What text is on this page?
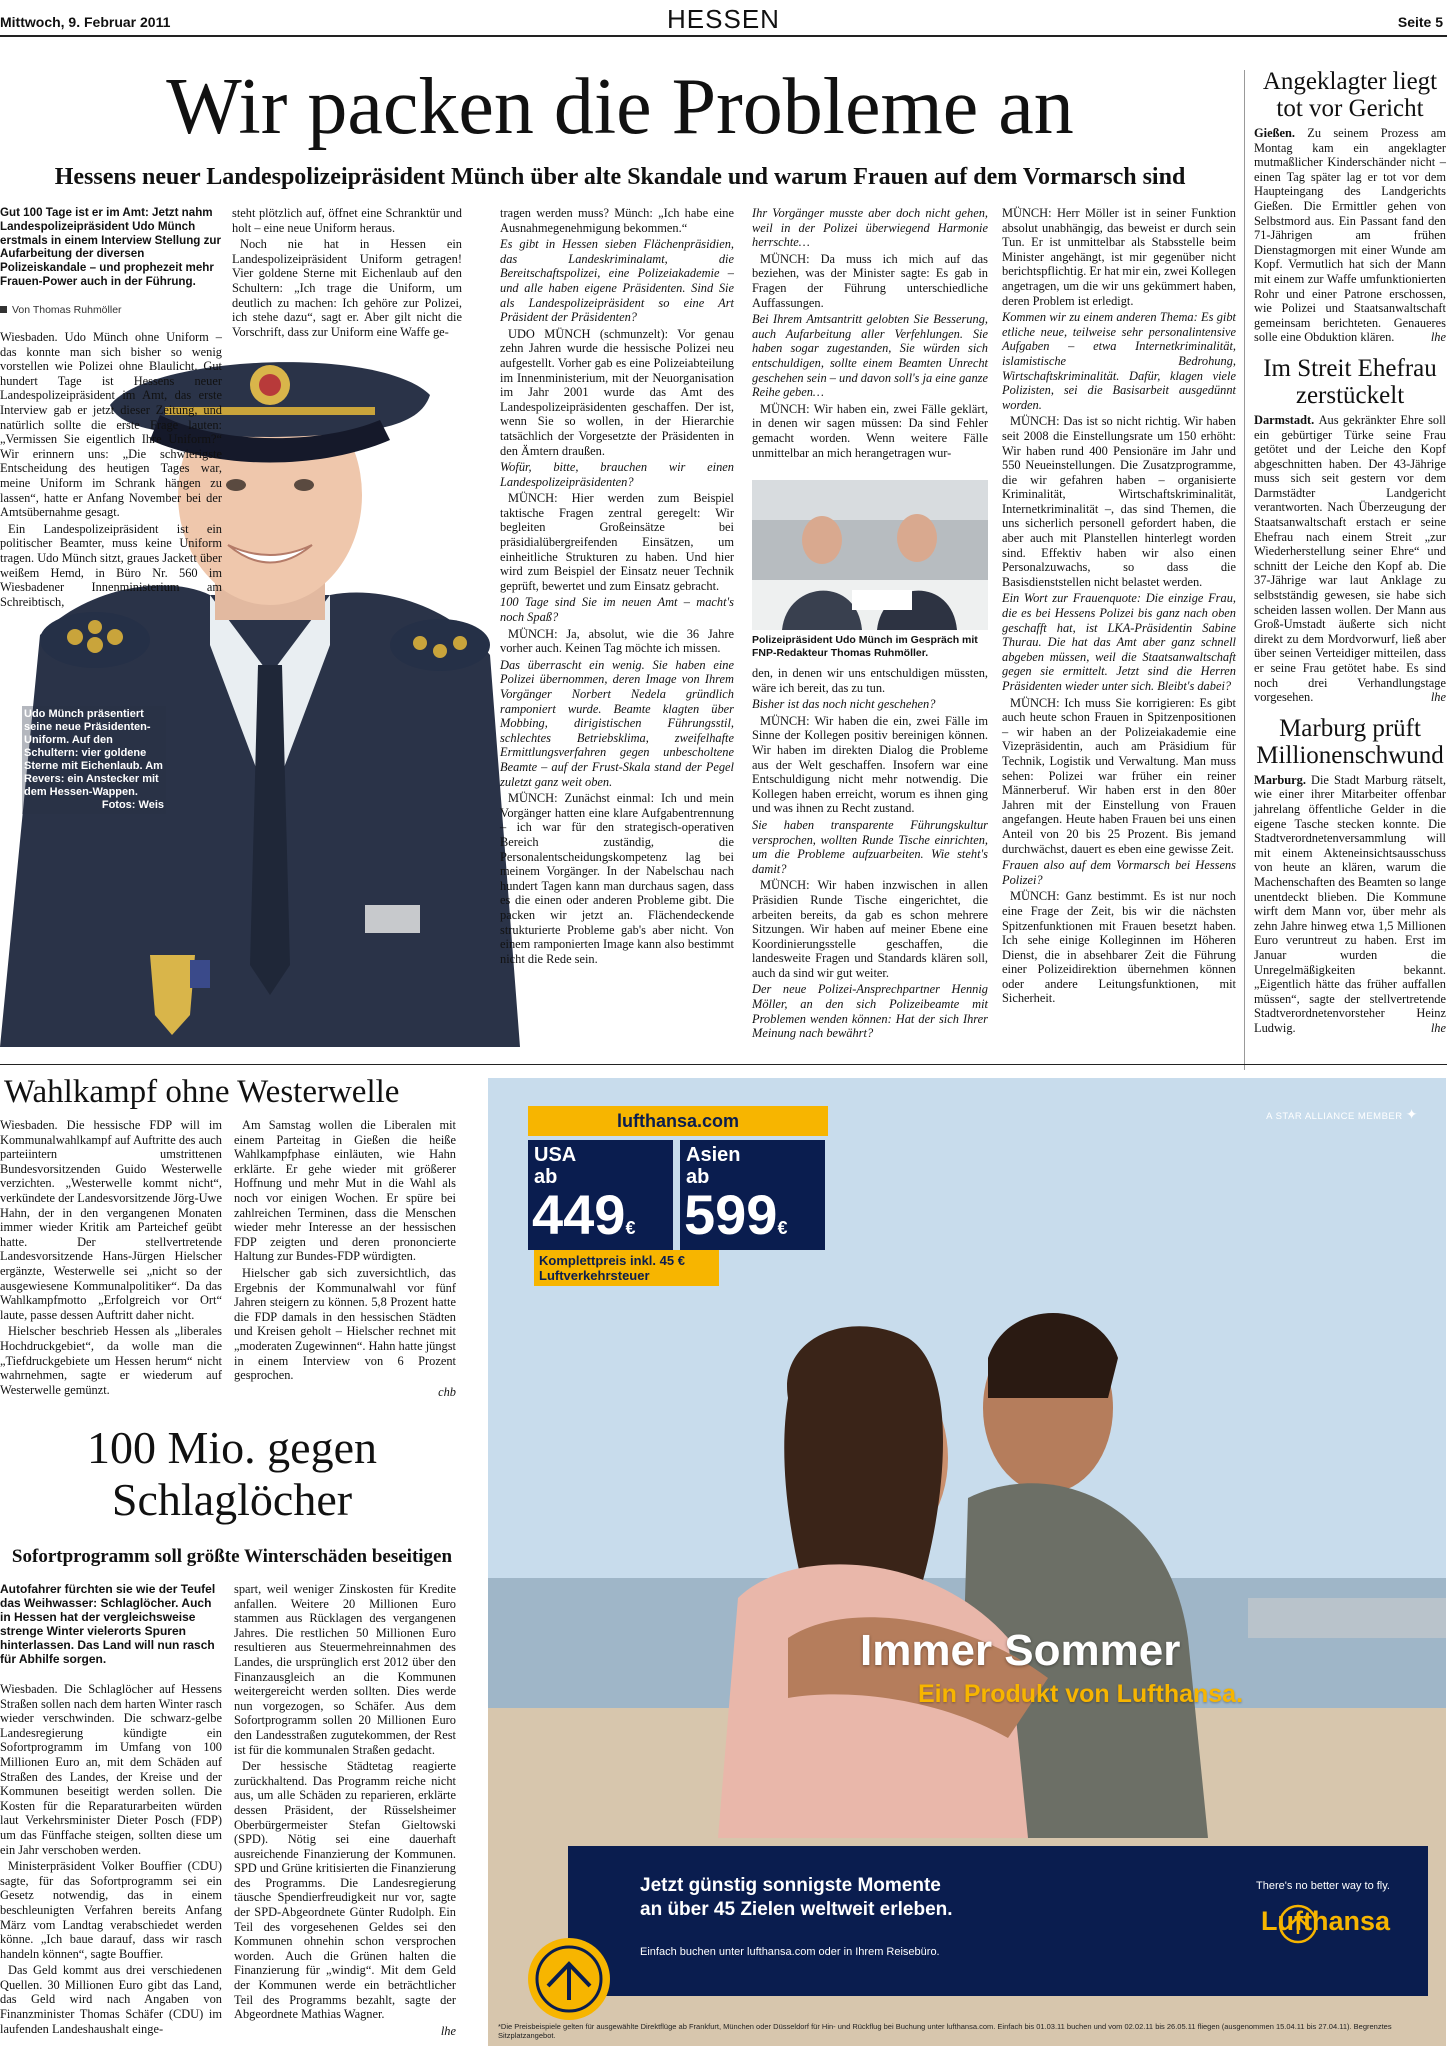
Mittwoch, 9. Februar 2011	HESSEN	Seite 5
Wir packen die Probleme an
Hessens neuer Landespolizeipräsident Münch über alte Skandale und warum Frauen auf dem Vormarsch sind
Gut 100 Tage ist er im Amt: Jetzt nahm Landespolizeipräsident Udo Münch erstmals in einem Interview Stellung zur Aufarbeitung der diversen Polizeiskandale – und prophezeit mehr Frauen-Power auch in der Führung.
Von Thomas Ruhmöller

Wiesbaden. Udo Münch ohne Uniform – das konnte man sich bisher so wenig vorstellen wie Polizei ohne Blaulicht. Gut hundert Tage ist Hessens neuer Landespolizeipräsident im Amt, das erste Interview gab er jetzt dieser Zeitung, und natürlich sollte die erste Frage lauten: „Vermissen Sie eigentlich Ihre Uniform?“ Wir erinnern uns: „Die schwierigste Entscheidung des heutigen Tages war, meine Uniform im Schrank hängen zu lassen“, hatte er Anfang November bei der Amtsübernahme gesagt.

Ein Landespolizeipräsident ist ein politischer Beamter, muss keine Uniform tragen. Udo Münch sitzt, graues Jackett über weißem Hemd, in Büro Nr. 560 im Wiesbadener Innenministerium am Schreibtisch,

steht plötzlich auf, öffnet eine Schranktür und holt – eine neue Uniform heraus.

Noch nie hat in Hessen ein Landespolizeipräsident Uniform getragen! Vier goldene Sterne mit Eichenlaub auf den Schultern: „Ich trage die Uniform, um deutlich zu machen: Ich gehöre zur Polizei, ich stehe dazu“, sagt er. Aber gilt nicht die Vorschrift, dass zur Uniform eine Waffe ge-

Udo Münch präsentiert seine neue Präsidenten-Uniform. Auf den Schultern: vier goldene Sterne mit Eichenlaub. Am Revers: ein Anstecker mit dem Hessen-Wappen.
Fotos: Weis

tragen werden muss? Münch: „Ich habe eine Ausnahmegenehmigung bekommen.“

Es gibt in Hessen sieben Flächenpräsidien, das Landeskriminalamt, die Bereitschaftspolizei, eine Polizeiakademie – und alle haben eigene Präsidenten. Sind Sie als Landespolizeipräsident so eine Art Präsident der Präsidenten?

UDO MÜNCH (schmunzelt): Vor genau zehn Jahren wurde die hessische Polizei neu aufgestellt. Vorher gab es eine Polizeiabteilung im Innenministerium, mit der Neuorganisation im Jahr 2001 wurde das Amt des Landespolizeipräsidenten geschaffen. Der ist, wenn Sie so wollen, in der Hierarchie tatsächlich der Vorgesetzte der Präsidenten in den Ämtern draußen.

Wofür, bitte, brauchen wir einen Landespolizeipräsidenten?

MÜNCH: Hier werden zum Beispiel taktische Fragen zentral geregelt: Wir begleiten Großeinsätze bei präsidialübergreifenden Einsätzen, um einheitliche Strukturen zu haben. Und hier wird zum Beispiel der Einsatz neuer Technik geprüft, bewertet und zum Einsatz gebracht.

100 Tage sind Sie im neuen Amt – macht's noch Spaß?

MÜNCH: Ja, absolut, wie die 36 Jahre vorher auch. Keinen Tag möchte ich missen.

Das überrascht ein wenig. Sie haben eine Polizei übernommen, deren Image von Ihrem Vorgänger Norbert Nedela gründlich ramponiert wurde. Beamte klagten über Mobbing, dirigistischen Führungsstil, schlechtes Betriebsklima, zweifelhafte Ermittlungsverfahren gegen unbescholtene Beamte – auf der Frust-Skala stand der Pegel zuletzt ganz weit oben.

MÜNCH: Zunächst einmal: Ich und mein Vorgänger hatten eine klare Aufgabentrennung – ich war für den strategisch-operativen Bereich zuständig, die Personalentscheidungskompetenz lag bei meinem Vorgänger. In der Nabelschau nach hundert Tagen kann man durchaus sagen, dass es die einen oder anderen Probleme gibt. Die packen wir jetzt an. Flächendeckende strukturierte Probleme gab's aber nicht. Von einem ramponierten Image kann also bestimmt nicht die Rede sein.

Ihr Vorgänger musste aber doch nicht gehen, weil in der Polizei überwiegend Harmonie herrschte…

MÜNCH: Da muss ich mich auf das beziehen, was der Minister sagte: Es gab in Fragen der Führung unterschiedliche Auffassungen.

Bei Ihrem Amtsantritt gelobten Sie Besserung, auch Aufarbeitung aller Verfehlungen. Sie haben sogar zugestanden, Sie würden sich entschuldigen, sollte einem Beamten Unrecht geschehen sein – und davon soll's ja eine ganze Reihe geben…

MÜNCH: Wir haben ein, zwei Fälle geklärt, in denen wir sagen müssen: Da sind Fehler gemacht worden. Wenn weitere Fälle unmittelbar an mich herangetragen wur-

Polizeipräsident Udo Münch im Gespräch mit FNP-Redakteur Thomas Ruhmöller.

den, in denen wir uns entschuldigen müssten, wäre ich bereit, das zu tun.

Bisher ist das noch nicht geschehen?

MÜNCH: Wir haben die ein, zwei Fälle im Sinne der Kollegen positiv bereinigen können. Wir haben im direkten Dialog die Probleme aus der Welt geschaffen. Insofern war eine Entschuldigung nicht mehr notwendig. Die Kollegen haben erreicht, worum es ihnen ging und was ihnen zu Recht zustand.

Sie haben transparente Führungskultur versprochen, wollten Runde Tische einrichten, um die Probleme aufzuarbeiten. Wie steht's damit?

MÜNCH: Wir haben inzwischen in allen Präsidien Runde Tische eingerichtet, die arbeiten bereits, da gab es schon mehrere Sitzungen. Wir haben auf meiner Ebene eine Koordinierungsstelle geschaffen, die landesweite Fragen und Standards klären soll, auch da sind wir gut weiter.

Der neue Polizei-Ansprechpartner Hennig Möller, an den sich Polizeibeamte mit Problemen wenden können: Hat der sich Ihrer Meinung nach bewährt?

MÜNCH: Herr Möller ist in seiner Funktion absolut unabhängig, das beweist er durch sein Tun. Er ist unmittelbar als Stabsstelle beim Minister angehängt, ist mir gegenüber nicht berichtspflichtig. Er hat mir ein, zwei Kollegen angetragen, um die wir uns gekümmert haben, deren Problem ist erledigt.

Kommen wir zu einem anderen Thema: Es gibt etliche neue, teilweise sehr personalintensive Aufgaben – etwa Internetkriminalität, islamistische Bedrohung, Wirtschaftskriminalität. Dafür, klagen viele Polizisten, sei die Basisarbeit ausgedünnt worden.

MÜNCH: Das ist so nicht richtig. Wir haben seit 2008 die Einstellungsrate um 150 erhöht: Wir haben rund 400 Pensionäre im Jahr und 550 Neueinstellungen. Die Zusatzprogramme, die wir gefahren haben – organisierte Kriminalität, Wirtschaftskriminalität, Internetkriminalität –, das sind Themen, die uns sicherlich personell gefordert haben, die aber auch mit Planstellen hinterlegt worden sind. Effektiv haben wir also einen Personalzuwachs, so dass die Basisdienststellen nicht belastet werden.

Ein Wort zur Frauenquote: Die einzige Frau, die es bei Hessens Polizei bis ganz nach oben geschafft hat, ist LKA-Präsidentin Sabine Thurau. Die hat das Amt aber ganz schnell abgeben müssen, weil die Staatsanwaltschaft gegen sie ermittelt. Jetzt sind die Herren Präsidenten wieder unter sich. Bleibt's dabei?

MÜNCH: Ich muss Sie korrigieren: Es gibt auch heute schon Frauen in Spitzenpositionen – wir haben an der Polizeiakademie eine Vizepräsidentin, auch am Präsidium für Technik, Logistik und Verwaltung. Man muss sehen: Polizei war früher ein reiner Männerberuf. Wir haben erst in den 80er Jahren mit der Einstellung von Frauen angefangen. Heute haben Frauen bei uns einen Anteil von 20 bis 25 Prozent. Bis jemand durchwächst, dauert es eben eine gewisse Zeit.

Frauen also auf dem Vormarsch bei Hessens Polizei?

MÜNCH: Ganz bestimmt. Es ist nur noch eine Frage der Zeit, bis wir die nächsten Spitzenfunktionen mit Frauen besetzt haben. Ich sehe einige Kolleginnen im Höheren Dienst, die in absehbarer Zeit die Führung einer Polizeidirektion übernehmen können oder andere Leitungsfunktionen, mit Sicherheit.

Angeklagter liegt tot vor Gericht
Gießen. Zu seinem Prozess am Montag kam ein angeklagter mutmaßlicher Kinderschänder nicht – einen Tag später lag er tot vor dem Haupteingang des Landgerichts Gießen. Die Ermittler gehen von Selbstmord aus. Ein Passant fand den 71-Jährigen am frühen Dienstagmorgen mit einer Wunde am Kopf. Vermutlich hat sich der Mann mit einem zur Waffe umfunktionierten Rohr und einer Patrone erschossen, wie Polizei und Staatsanwaltschaft gemeinsam berichteten. Genaueres solle eine Obduktion klären.	lhe
Im Streit Ehefrau zerstückelt
Darmstadt. Aus gekränkter Ehre soll ein gebürtiger Türke seine Frau getötet und der Leiche den Kopf abgeschnitten haben. Der 43-Jährige muss sich seit gestern vor dem Darmstädter Landgericht verantworten. Nach Überzeugung der Staatsanwaltschaft erstach er seine Ehefrau nach einem Streit „zur Wiederherstellung seiner Ehre“ und schnitt der Leiche den Kopf ab. Die 37-Jährige war laut Anklage zu selbstständig gewesen, sie habe sich scheiden lassen wollen. Der Mann aus Groß-Umstadt äußerte sich nicht direkt zu dem Mordvorwurf, ließ aber über seinen Verteidiger mitteilen, dass er seine Frau getötet habe. Es sind noch drei Verhandlungstage vorgesehen.	lhe
Marburg prüft Millionenschwund
Marburg. Die Stadt Marburg rätselt, wie einer ihrer Mitarbeiter offenbar jahrelang öffentliche Gelder in die eigene Tasche stecken konnte. Die Stadtverordnetenversammlung will mit einem Akteneinsichtsausschuss von heute an klären, warum die Machenschaften des Beamten so lange unentdeckt blieben. Die Kommune wirft dem Mann vor, über mehr als zehn Jahre hinweg etwa 1,5 Millionen Euro veruntreut zu haben. Erst im Januar wurden die Unregelmäßigkeiten bekannt. „Eigentlich hätte das früher auffallen müssen“, sagte der stellvertretende Stadtverordnetenvorsteher Heinz Ludwig.	lhe
Wahlkampf ohne Westerwelle

Wiesbaden. Die hessische FDP will im Kommunalwahlkampf auf Auftritte des auch parteiintern umstrittenen Bundesvorsitzenden Guido Westerwelle verzichten. „Westerwelle kommt nicht“, verkündete der Landesvorsitzende Jörg-Uwe Hahn, der in den vergangenen Monaten immer wieder Kritik am Parteichef geübt hatte. Der stellvertretende Landesvorsitzende Hans-Jürgen Hielscher ergänzte, Westerwelle sei „nicht so der ausgewiesene Kommunalpolitiker“. Da das Wahlkampfmotto „Erfolgreich vor Ort“ laute, passe dessen Auftritt daher nicht.

Hielscher beschrieb Hessen als „liberales Hochdruckgebiet“, da wolle man die „Tiefdruckgebiete um Hessen herum“ nicht wahrnehmen, sagte er wiederum auf Westerwelle gemünzt.

Am Samstag wollen die Liberalen mit einem Parteitag in Gießen die heiße Wahlkampfphase einläuten, wie Hahn erklärte. Er gehe wieder mit größerer Hoffnung und mehr Mut in die Wahl als noch vor einigen Wochen. Er spüre bei zahlreichen Terminen, dass die Menschen wieder mehr Interesse an der hessischen FDP zeigten und deren prononcierte Haltung zur Bundes-FDP würdigten.

Hielscher gab sich zuversichtlich, das Ergebnis der Kommunalwahl vor fünf Jahren steigern zu können. 5,8 Prozent hatte die FDP damals in den hessischen Städten und Kreisen geholt – Hielscher rechnet mit „moderaten Zugewinnen“. Hahn hatte jüngst in einem Interview von 6 Prozent gesprochen.

chb
100 Mio. gegen Schlaglöcher
Sofortprogramm soll größte Winterschäden beseitigen
Autofahrer fürchten sie wie der Teufel das Weihwasser: Schlaglöcher. Auch in Hessen hat der vergleichsweise strenge Winter vielerorts Spuren hinterlassen. Das Land will nun rasch für Abhilfe sorgen.

Wiesbaden. Die Schlaglöcher auf Hessens Straßen sollen nach dem harten Winter rasch wieder verschwinden. Die schwarz-gelbe Landesregierung kündigte ein Sofortprogramm im Umfang von 100 Millionen Euro an, mit dem Schäden auf Straßen des Landes, der Kreise und der Kommunen beseitigt werden sollen. Die Kosten für die Reparaturarbeiten würden laut Verkehrsminister Dieter Posch (FDP) um das Fünffache steigen, sollten diese um ein Jahr verschoben werden.

Ministerpräsident Volker Bouffier (CDU) sagte, für das Sofortprogramm sei ein Gesetz notwendig, das in einem beschleunigten Verfahren bereits Anfang März vom Landtag verabschiedet werden könne. „Ich baue darauf, dass wir rasch handeln können“, sagte Bouffier.

Das Geld kommt aus drei verschiedenen Quellen. 30 Millionen Euro gibt das Land, das Geld wird nach Angaben von Finanzminister Thomas Schäfer (CDU) im laufenden Landeshaushalt einge-

spart, weil weniger Zinskosten für Kredite anfallen. Weitere 20 Millionen Euro stammen aus Rücklagen des vergangenen Jahres. Die restlichen 50 Millionen Euro resultieren aus Steuermehreinnahmen des Landes, die ursprünglich erst 2012 über den Finanzausgleich an die Kommunen weitergereicht werden sollten. Dies werde nun vorgezogen, so Schäfer. Aus dem Sofortprogramm sollen 20 Millionen Euro den Landesstraßen zugutekommen, der Rest ist für die kommunalen Straßen gedacht.

Der hessische Städtetag reagierte zurückhaltend. Das Programm reiche nicht aus, um alle Schäden zu reparieren, erklärte dessen Präsident, der Rüsselsheimer Oberbürgermeister Stefan Gieltowski (SPD). Nötig sei eine dauerhaft ausreichende Finanzierung der Kommunen. SPD und Grüne kritisierten die Finanzierung des Programms. Die Landesregierung täusche Spendierfreudigkeit nur vor, sagte der SPD-Abgeordnete Günter Rudolph. Ein Teil des vorgesehenen Geldes sei den Kommunen ohnehin schon versprochen worden. Auch die Grünen halten die Finanzierung für „windig“. Mit dem Geld der Kommunen werde ein beträchtlicher Teil des Programms bezahlt, sagte der Abgeordnete Mathias Wagner.

lhe
lufthansa.com
USA
ab
449€
Asien
ab
599€
Komplettpreis inkl. 45 €
Luftverkehrsteuer
A STAR ALLIANCE MEMBER ✦
Immer Sommer
Ein Produkt von Lufthansa.
Jetzt günstig sonnigste Momente
an über 45 Zielen weltweit erleben.
Einfach buchen unter lufthansa.com oder in Ihrem Reisebüro.
There's no better way to fly.
Lufthansa
*Die Preisbeispiele gelten für ausgewählte Direktflüge ab Frankfurt, München oder Düsseldorf für Hin- und Rückflug bei Buchung unter lufthansa.com. Einfach bis 01.03.11 buchen und vom 02.02.11 bis 26.05.11 fliegen (ausgenommen 15.04.11 bis 27.04.11). Begrenztes Sitzplatzangebot.
